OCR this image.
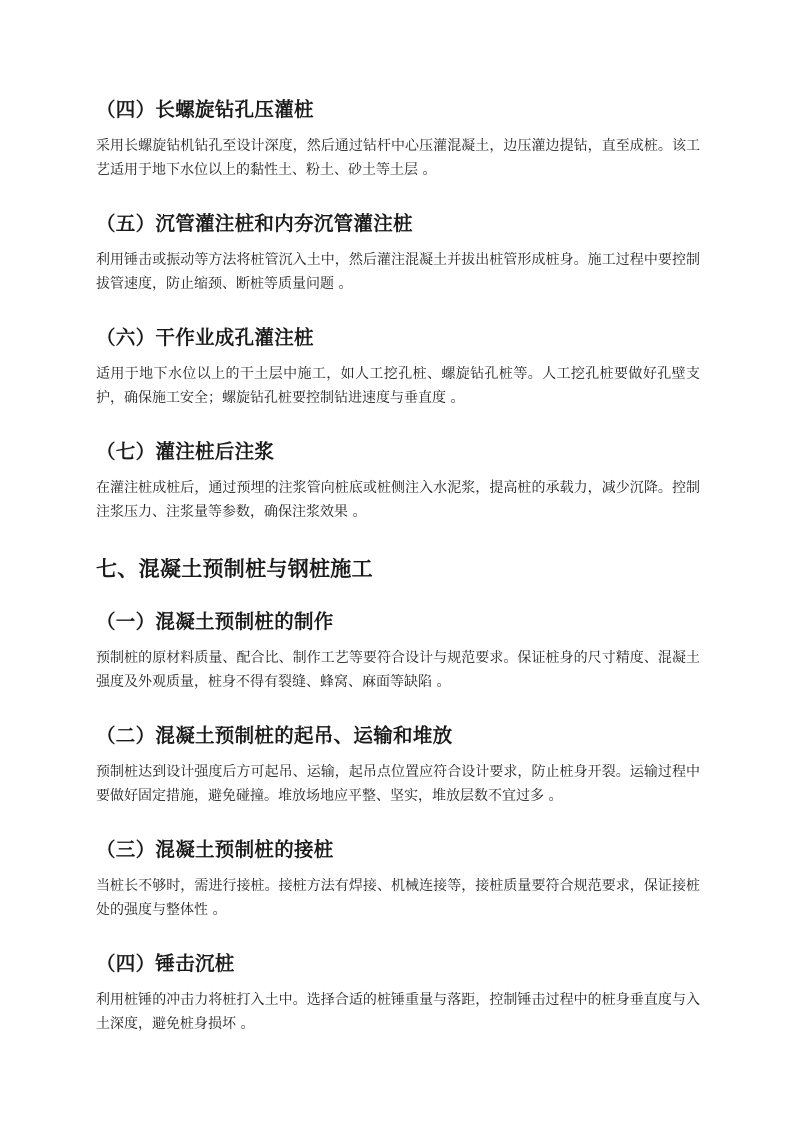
（四）长螺旋钻孔压灌桩

采用长螺旋钻机钻孔至设计深度，然后通过钻杆中心压灌混凝土，边压灌边提钻，直至成桩。该工艺适用于地下水位以上的黏性土、粉土、砂土等土层 。

（五）沉管灌注桩和内夯沉管灌注桩

利用锤击或振动等方法将桩管沉入土中，然后灌注混凝土并拔出桩管形成桩身。施工过程中要控制拔管速度，防止缩颈、断桩等质量问题 。

（六）干作业成孔灌注桩

适用于地下水位以上的干土层中施工，如人工挖孔桩、螺旋钻孔桩等。人工挖孔桩要做好孔壁支护，确保施工安全；螺旋钻孔桩要控制钻进速度与垂直度 。

（七）灌注桩后注浆

在灌注桩成桩后，通过预埋的注浆管向桩底或桩侧注入水泥浆，提高桩的承载力，减少沉降。控制注浆压力、注浆量等参数，确保注浆效果 。

七、混凝土预制桩与钢桩施工
（一）混凝土预制桩的制作

预制桩的原材料质量、配合比、制作工艺等要符合设计与规范要求。保证桩身的尺寸精度、混凝土强度及外观质量，桩身不得有裂缝、蜂窝、麻面等缺陷 。

（二）混凝土预制桩的起吊、运输和堆放

预制桩达到设计强度后方可起吊、运输，起吊点位置应符合设计要求，防止桩身开裂。运输过程中要做好固定措施，避免碰撞。堆放场地应平整、坚实，堆放层数不宜过多 。

（三）混凝土预制桩的接桩

当桩长不够时，需进行接桩。接桩方法有焊接、机械连接等，接桩质量要符合规范要求，保证接桩处的强度与整体性 。

（四）锤击沉桩

利用桩锤的冲击力将桩打入土中。选择合适的桩锤重量与落距，控制锤击过程中的桩身垂直度与入土深度，避免桩身损坏 。
